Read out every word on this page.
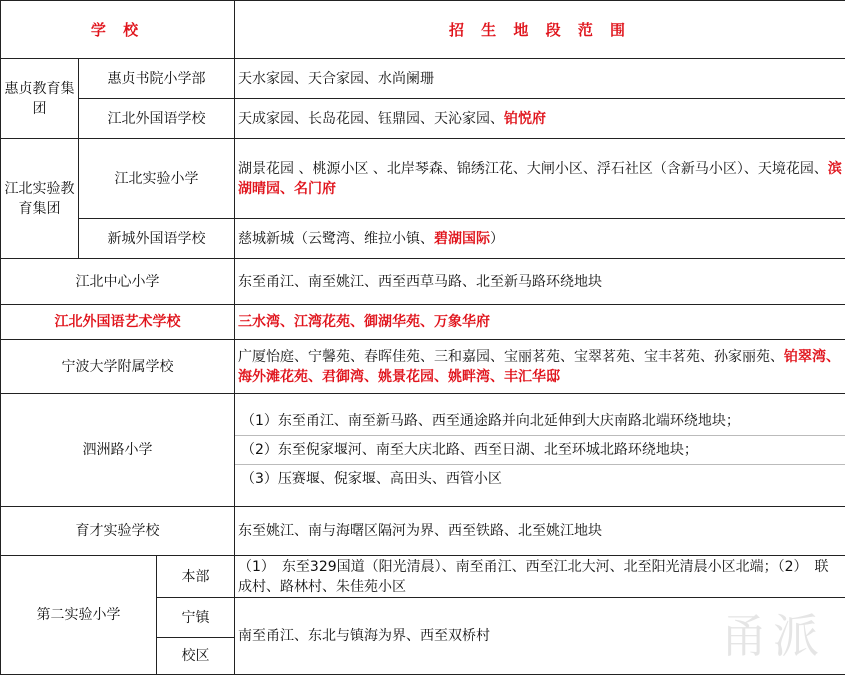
学 校			招 生 地 段 范 围
惠贞教育集团	惠贞书院小学部		天水家园、天合家园、水尚阑珊
	江北外国语学校		天成家园、长岛花园、钰鼎园、天沁家园、铂悦府
江北实验教育集团	江北实验小学		湖景花园 、桃源小区 、北岸琴森、锦绣江花、大闸小区、浮石社区（含新马小区）、天境花园、滨湖晴园、名门府
	新城外国语学校		慈城新城（云鹭湾、维拉小镇、碧湖国际）
江北中心小学			东至甬江、南至姚江、西至西草马路、北至新马路环绕地块
江北外国语艺术学校			三水湾、江湾花苑、御湖华苑、万象华府
宁波大学附属学校			广厦怡庭、宁馨苑、春晖佳苑、三和嘉园、宝丽茗苑、宝翠茗苑、宝丰茗苑、孙家丽苑、铂翠湾、海外滩花苑、君御湾、姚景花园、姚畔湾、丰汇华邸
泗洲路小学			（1）东至甬江、南至新马路、西至通途路并向北延伸到大庆南路北端环绕地块；
（2）东至倪家堰河、南至大庆北路、西至日湖、北至环城北路环绕地块；
（3）压赛堰、倪家堰、高田头、西管小区

育才实验学校			东至姚江、南与海曙区隔河为界、西至铁路、北至姚江地块
第二实验小学		本部	（1）　东至329国道（阳光清晨）、南至甬江、西至江北大河、北至阳光清晨小区北端；（2）　联成村、路林村、朱佳苑小区
		宁镇	南至甬江、东北与镇海为界、西至双桥村
		校区		甬派
